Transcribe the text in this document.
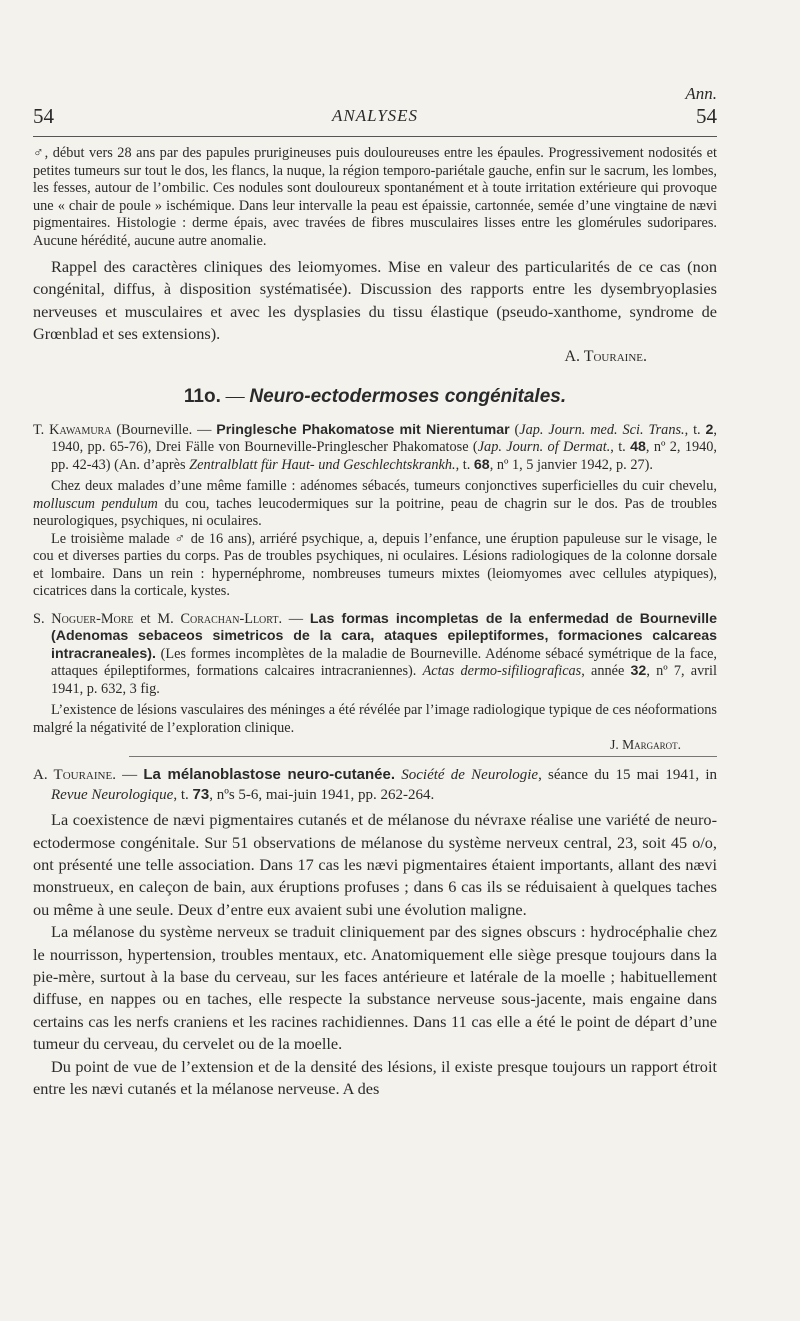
54	ANALYSES
Ann.
54

♂, début vers 28 ans par des papules prurigineuses puis douloureuses entre les épaules. Progressivement nodosités et petites tumeurs sur tout le dos, les flancs, la nuque, la région temporo-pariétale gauche, enfin sur le sacrum, les lombes, les fesses, autour de l’ombilic. Ces nodules sont douloureux spontanément et à toute irritation extérieure qui provoque une « chair de poule » ischémique. Dans leur intervalle la peau est épaissie, cartonnée, semée d’une vingtaine de nævi pigmentaires. Histologie : derme épais, avec travées de fibres musculaires lisses entre les glomérules sudoripares. Aucune hérédité, aucune autre anomalie.

Rappel des caractères cliniques des leiomyomes. Mise en valeur des particularités de ce cas (non congénital, diffus, à disposition systématisée). Discussion des rapports entre les dysembryoplasies nerveuses et musculaires et avec les dysplasies du tissu élastique (pseudo-xanthome, syndrome de Grœnblad et ses extensions).

A. Touraine.
11o. — Neuro-ectodermoses congénitales.

T. Kawamura (Bourneville. — Pringlesche Phakomatose mit Nierentumar (Jap. Journ. med. Sci. Trans., t. 2, 1940, pp. 65-76), Drei Fälle von Bourneville-Pringlescher Phakomatose (Jap. Journ. of Dermat., t. 48, nº 2, 1940, pp. 42-43) (An. d’après Zentralblatt für Haut- und Geschlechtskrankh., t. 68, nº 1, 5 janvier 1942, p. 27).

Chez deux malades d’une même famille : adénomes sébacés, tumeurs conjonctives superficielles du cuir chevelu, molluscum pendulum du cou, taches leucodermiques sur la poitrine, peau de chagrin sur le dos. Pas de troubles neurologiques, psychiques, ni oculaires.

Le troisième malade ♂ de 16 ans), arriéré psychique, a, depuis l’enfance, une éruption papuleuse sur le visage, le cou et diverses parties du corps. Pas de troubles psychiques, ni oculaires. Lésions radiologiques de la colonne dorsale et lombaire. Dans un rein : hypernéphrome, nombreuses tumeurs mixtes (leiomyomes avec cellules atypiques), cicatrices dans la corticale, kystes.

S. Noguer-More et M. Corachan-Llort. — Las formas incompletas de la enfermedad de Bourneville (Adenomas sebaceos simetricos de la cara, ataques epileptiformes, formaciones calcareas intracraneales). (Les formes incomplètes de la maladie de Bourneville. Adénome sébacé symétrique de la face, attaques épileptiformes, formations calcaires intracraniennes). Actas dermo-sifiliograficas, année 32, nº 7, avril 1941, p. 632, 3 fig.

L’existence de lésions vasculaires des méninges a été révélée par l’image radiologique typique de ces néoformations malgré la négativité de l’exploration clinique.

J. Margarot.

A. Touraine. — La mélanoblastose neuro-cutanée. Société de Neurologie, séance du 15 mai 1941, in Revue Neurologique, t. 73, nºs 5-6, mai-juin 1941, pp. 262-264.

La coexistence de nævi pigmentaires cutanés et de mélanose du névraxe réalise une variété de neuro-ectodermose congénitale. Sur 51 observations de mélanose du système nerveux central, 23, soit 45 o/o, ont présenté une telle association. Dans 17 cas les nævi pigmentaires étaient importants, allant des nævi monstrueux, en caleçon de bain, aux éruptions profuses ; dans 6 cas ils se réduisaient à quelques taches ou même à une seule. Deux d’entre eux avaient subi une évolution maligne.

La mélanose du système nerveux se traduit cliniquement par des signes obscurs : hydrocéphalie chez le nourrisson, hypertension, troubles mentaux, etc. Anatomiquement elle siège presque toujours dans la pie-mère, surtout à la base du cerveau, sur les faces antérieure et latérale de la moelle ; habituellement diffuse, en nappes ou en taches, elle respecte la substance nerveuse sous-jacente, mais engaine dans certains cas les nerfs craniens et les racines rachidiennes. Dans 11 cas elle a été le point de départ d’une tumeur du cerveau, du cervelet ou de la moelle.

Du point de vue de l’extension et de la densité des lésions, il existe presque toujours un rapport étroit entre les nævi cutanés et la mélanose nerveuse. A des
